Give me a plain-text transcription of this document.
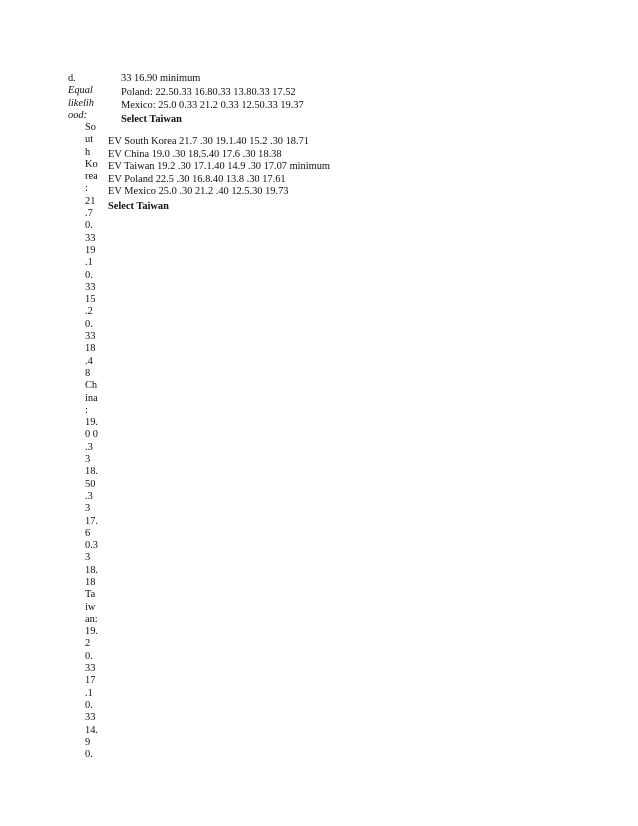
d.
Equal
likelih
ood:
33 16.90 minimum
Poland: 22.50.33 16.80.33 13.80.33 17.52
Mexico: 25.0 0.33 21.2 0.33 12.50.33 19.37
Select Taiwan
EV South Korea 21.7 .30 19.1.40 15.2 .30 18.71
EV China 19.0 .30 18.5.40 17.6 .30 18.38
EV Taiwan 19.2 .30 17.1.40 14.9 .30 17.07 minimum
EV Poland 22.5 .30 16.8.40 13.8 .30 17.61
EV Mexico 25.0 .30 21.2 .40 12.5.30 19.73
Select Taiwan
So
ut
h
Ko
rea
:
21
.7
0.
33
19
.1
0.
33
15
.2
0.
33
18
.4
8
Ch
ina
:
19.
0 0
.3
3
18.
50
.3
3
17.
6
0.3
3
18.
18
Ta
iw
an:
19.
2
0.
33
17
.1
0.
33
14.
9
0.
